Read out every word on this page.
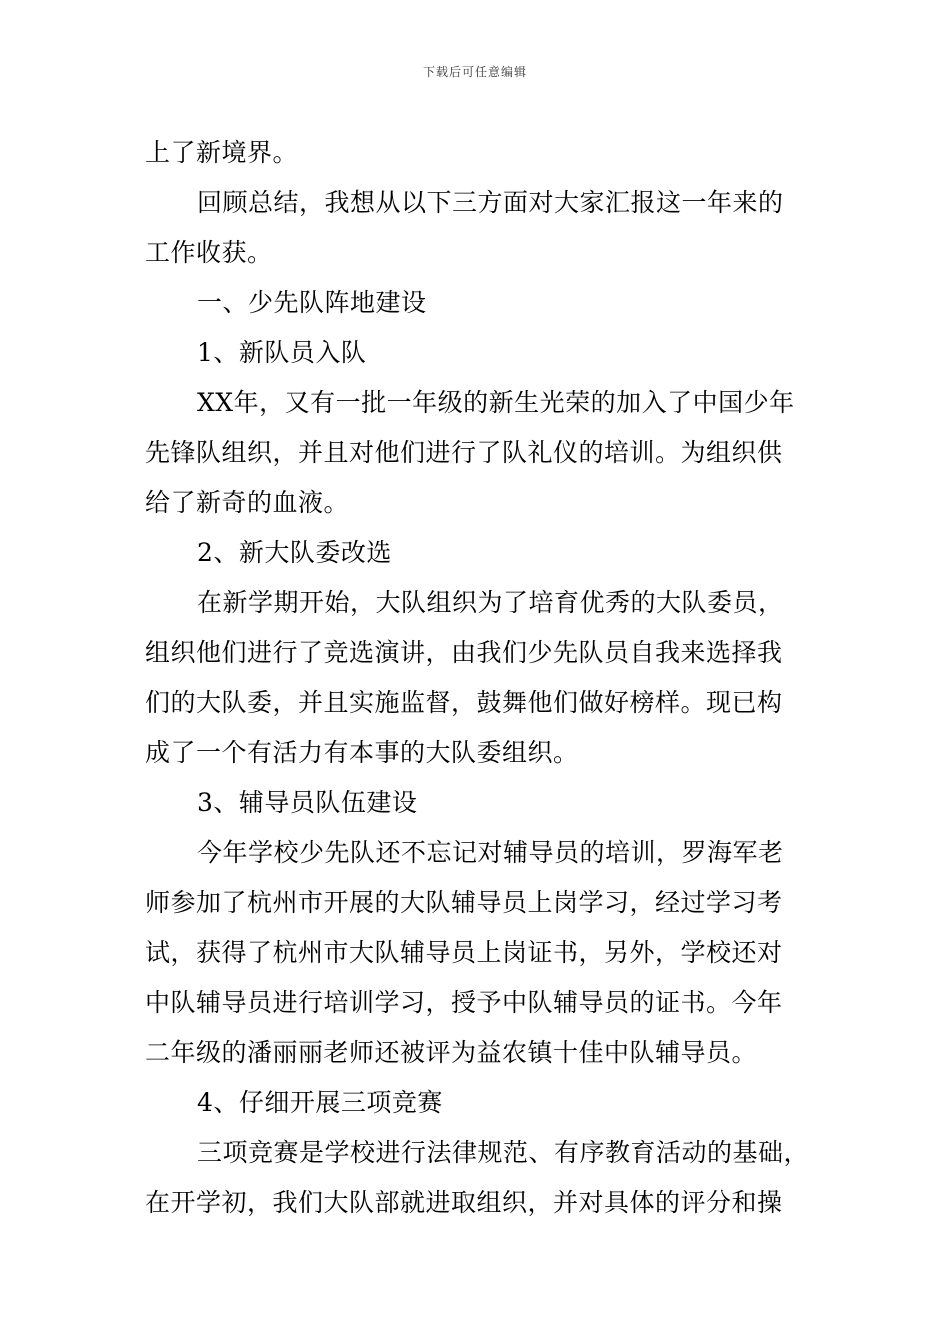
下载后可任意编辑
上了新境界。
回顾总结，我想从以下三方面对大家汇报这一年来的
工作收获。
一、少先队阵地建设
1、新队员入队
XX年，又有一批一年级的新生光荣的加入了中国少年
先锋队组织，并且对他们进行了队礼仪的培训。为组织供
给了新奇的血液。
2、新大队委改选
在新学期开始，大队组织为了培育优秀的大队委员，
组织他们进行了竞选演讲，由我们少先队员自我来选择我
们的大队委，并且实施监督，鼓舞他们做好榜样。现已构
成了一个有活力有本事的大队委组织。
3、辅导员队伍建设
今年学校少先队还不忘记对辅导员的培训，罗海军老
师参加了杭州市开展的大队辅导员上岗学习，经过学习考
试，获得了杭州市大队辅导员上岗证书，另外，学校还对
中队辅导员进行培训学习，授予中队辅导员的证书。今年
二年级的潘丽丽老师还被评为益农镇十佳中队辅导员。
4、仔细开展三项竞赛
三项竞赛是学校进行法律规范、有序教育活动的基础，
在开学初，我们大队部就进取组织，并对具体的评分和操
